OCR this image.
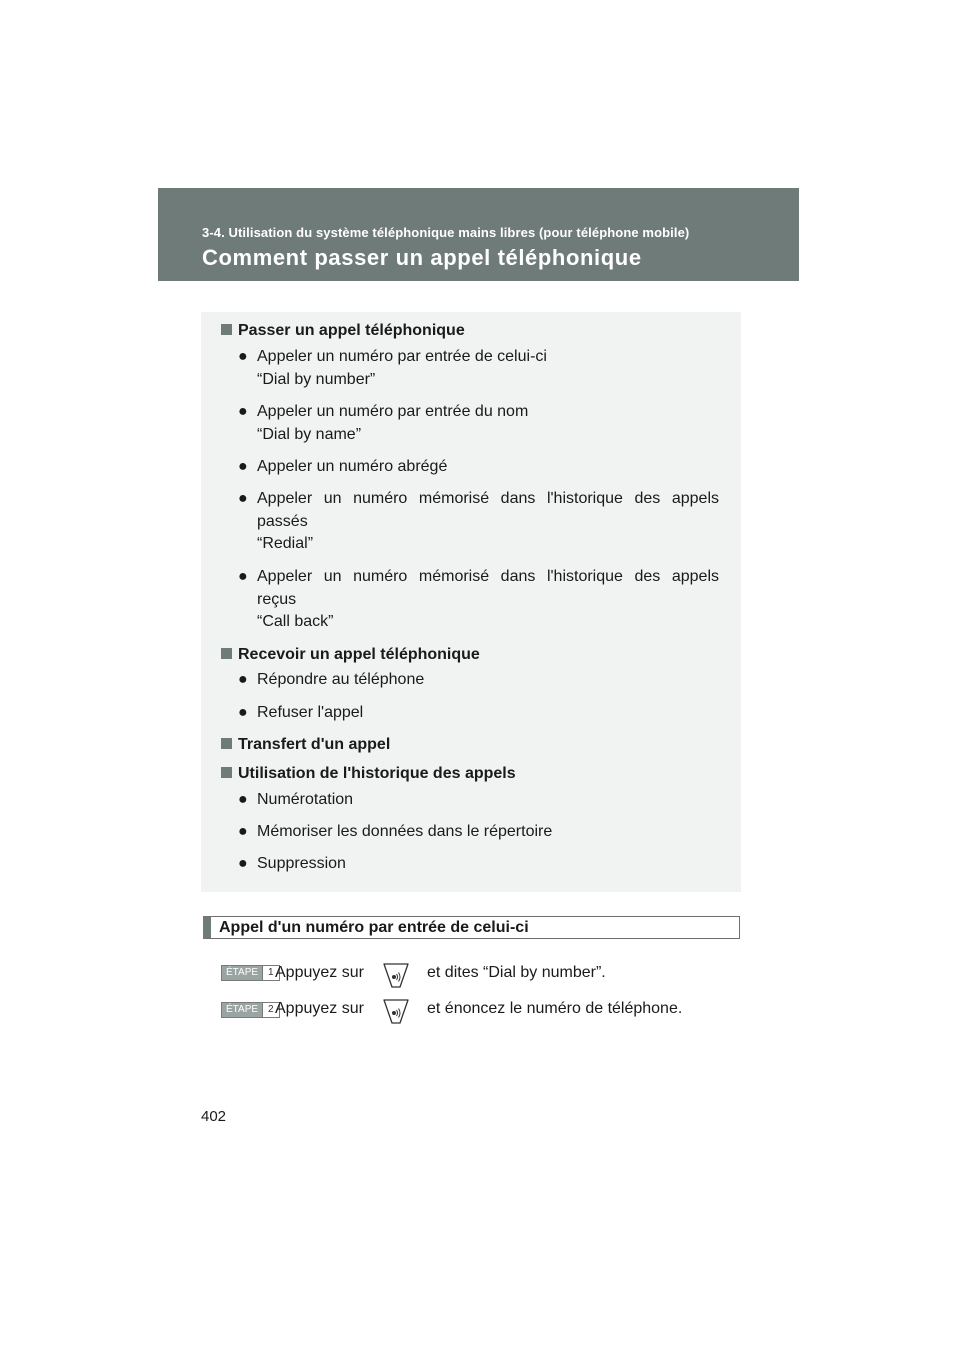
3-4. Utilisation du système téléphonique mains libres (pour téléphone mobile)
Comment passer un appel téléphonique
Passer un appel téléphonique
● Appeler un numéro par entrée de celui-ci
“Dial by number”
● Appeler un numéro par entrée du nom
“Dial by name”
● Appeler un numéro abrégé
● Appeler un numéro mémorisé dans l'historique des appels
passés
“Redial”
● Appeler un numéro mémorisé dans l'historique des appels
reçus
“Call back”
Recevoir un appel téléphonique
● Répondre au téléphone
● Refuser l'appel
Transfert d'un appel
Utilisation de l'historique des appels
● Numérotation
● Mémoriser les données dans le répertoire
● Suppression
Appel d'un numéro par entrée de celui-ci
ÉTAPE	1 Appuyez sur	et dites “Dial by number”.
ÉTAPE	2 Appuyez sur	et énoncez le numéro de téléphone.
402
